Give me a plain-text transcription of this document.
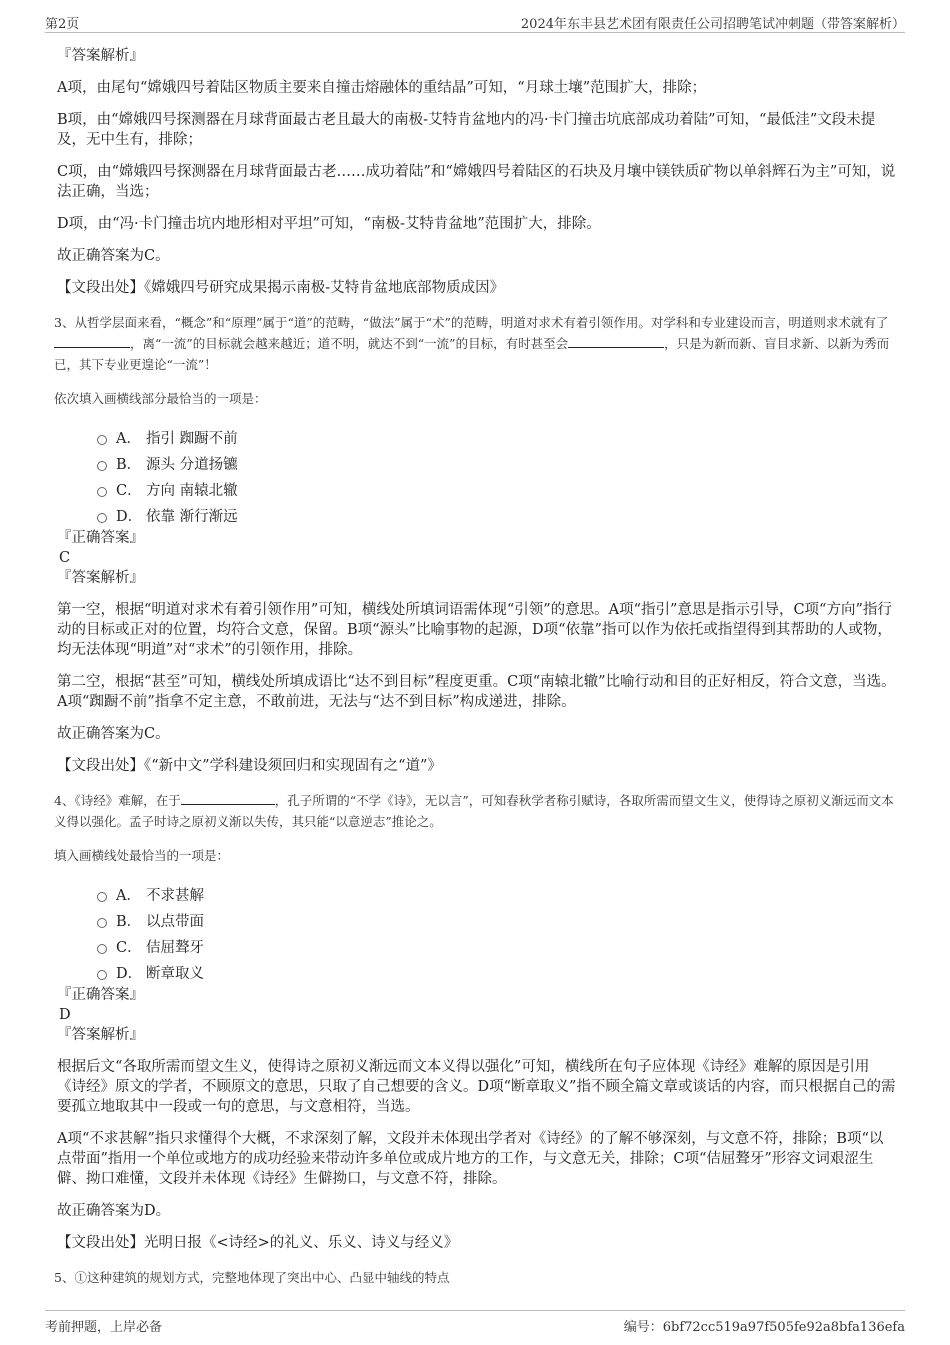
第2页	2024年东丰县艺术团有限责任公司招聘笔试冲刺题（带答案解析）

『答案解析』

A项，由尾句“嫦娥四号着陆区物质主要来自撞击熔融体的重结晶”可知，“月球土壤”范围扩大，排除；

B项，由“嫦娥四号探测器在月球背面最古老且最大的南极-艾特肯盆地内的冯·卡门撞击坑底部成功着陆”可知，“最低洼”文段未提及，无中生有，排除；

C项，由“嫦娥四号探测器在月球背面最古老……成功着陆”和“嫦娥四号着陆区的石块及月壤中镁铁质矿物以单斜辉石为主”可知，说法正确，当选；

D项，由“冯·卡门撞击坑内地形相对平坦”可知，“南极-艾特肯盆地”范围扩大，排除。

故正确答案为C。

【文段出处】《嫦娥四号研究成果揭示南极-艾特肯盆地底部物质成因》

3、从哲学层面来看，“概念”和“原理”属于“道”的范畴，“做法”属于“术”的范畴，明道对求术有着引领作用。对学科和专业建设而言，明道则求术就有了，离“一流”的目标就会越来越近；道不明，就达不到“一流”的目标，有时甚至会	，只是为新而新、盲目求新、以新为秀而已，其下专业更遑论“一流”！

依次填入画横线部分最恰当的一项是：

A． 指引 踟蹰不前
B． 源头 分道扬镳
C． 方向 南辕北辙
D． 依靠 渐行渐远

『正确答案』

C

『答案解析』

第一空，根据“明道对求术有着引领作用”可知，横线处所填词语需体现“引领”的意思。A项“指引”意思是指示引导，C项“方向”指行动的目标或正对的位置，均符合文意，保留。B项“源头”比喻事物的起源，D项“依靠”指可以作为依托或指望得到其帮助的人或物，均无法体现“明道”对“求术”的引领作用，排除。

第二空，根据“甚至”可知，横线处所填成语比“达不到目标”程度更重。C项“南辕北辙”比喻行动和目的正好相反，符合文意，当选。A项“踟蹰不前”指拿不定主意，不敢前进，无法与“达不到目标”构成递进，排除。

故正确答案为C。

【文段出处】《“新中文”学科建设须回归和实现固有之“道”》

4、《诗经》难解，在于	，孔子所谓的“不学《诗》，无以言”，可知春秋学者称引赋诗，各取所需而望文生义，使得诗之原初义渐远而文本义得以强化。孟子时诗之原初义渐以失传，其只能“以意逆志”推论之。

填入画横线处最恰当的一项是：

A． 不求甚解
B． 以点带面
C． 佶屈聱牙
D． 断章取义

『正确答案』

D

『答案解析』

根据后文“各取所需而望文生义，使得诗之原初义渐远而文本义得以强化”可知，横线所在句子应体现《诗经》难解的原因是引用《诗经》原文的学者，不顾原文的意思，只取了自己想要的含义。D项“断章取义”指不顾全篇文章或谈话的内容，而只根据自己的需要孤立地取其中一段或一句的意思，与文意相符，当选。

A项“不求甚解”指只求懂得个大概，不求深刻了解，文段并未体现出学者对《诗经》的了解不够深刻，与文意不符，排除；B项“以点带面”指用一个单位或地方的成功经验来带动许多单位或成片地方的工作，与文意无关，排除；C项“佶屈聱牙”形容文词艰涩生僻、拗口难懂，文段并未体现《诗经》生僻拗口，与文意不符，排除。

故正确答案为D。

【文段出处】光明日报《<诗经>的礼义、乐义、诗义与经义》

5、①这种建筑的规划方式，完整地体现了突出中心、凸显中轴线的特点

考前押题，上岸必备	编号：6bf72cc519a97f505fe92a8bfa136efa
